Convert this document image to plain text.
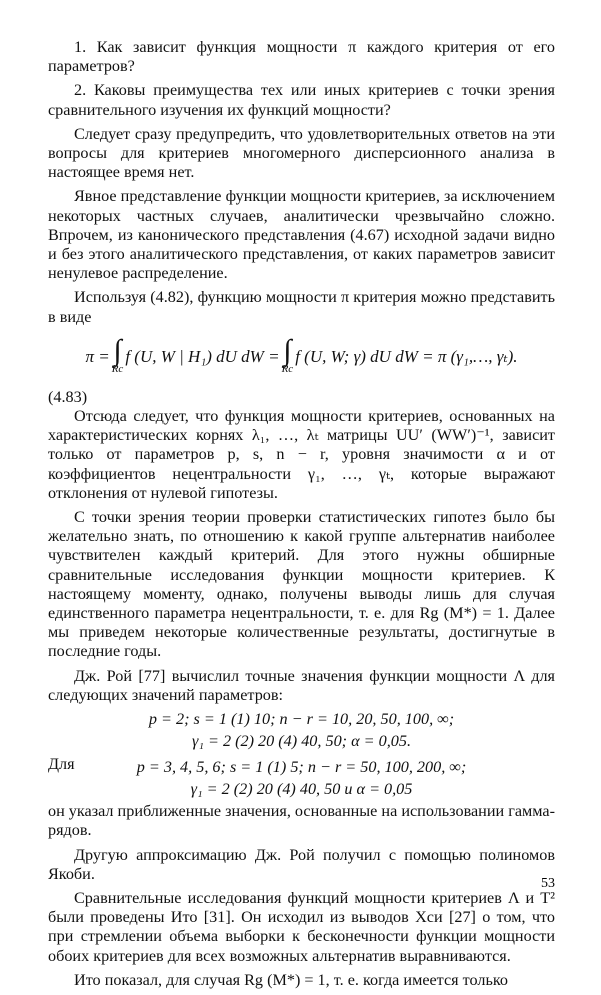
1. Как зависит функция мощности π каждого критерия от его параметров?

2. Каковы преимущества тех или иных критериев с точки зрения сравнительного изучения их функций мощности?

Следует сразу предупредить, что удовлетворительных ответов на эти вопросы для критериев многомерного дисперсионного анализа в настоящее время нет.

Явное представление функции мощности критериев, за исключением некоторых частных случаев, аналитически чрезвычайно сложно. Впрочем, из канонического представления (4.67) исходной задачи видно и без этого аналитического представления, от каких параметров зависит ненулевое распределение.

Используя (4.82), функцию мощности π критерия можно представить в виде

π = ∫
Rc
f (U, W | H₁) dU dW = ∫
Rc
f (U, W; γ) dU dW = π (γ₁,…, γₜ).
(4.83)

Отсюда следует, что функция мощности критериев, основанных на характеристических корнях λ₁, …, λₜ матрицы UU′ (WW′)⁻¹, зависит только от параметров p, s, n − r, уровня значимости α и от коэффициентов нецентральности γ₁, …, γₜ, которые выражают отклонения от нулевой гипотезы.

С точки зрения теории проверки статистических гипотез было бы желательно знать, по отношению к какой группе альтернатив наиболее чувствителен каждый критерий. Для этого нужны обширные сравнительные исследования функции мощности критериев. К настоящему моменту, однако, получены выводы лишь для случая единственного параметра нецентральности, т. е. для Rg (M*) = 1. Далее мы приведем некоторые количественные результаты, достигнутые в последние годы.

Дж. Рой [77] вычислил точные значения функции мощности Λ для следующих значений параметров:

p = 2; s = 1 (1) 10; n − r = 10, 20, 50, 100, ∞;
γ₁ = 2 (2) 20 (4) 40, 50; α = 0,05.
Для	p = 3, 4, 5, 6; s = 1 (1) 5; n − r = 50, 100, 200, ∞;
γ₁ = 2 (2) 20 (4) 40, 50 и α = 0,05

он указал приближенные значения, основанные на использовании гамма-рядов.

Другую аппроксимацию Дж. Рой получил с помощью полиномов Якоби.

Сравнительные исследования функций мощности критериев Λ и T² были проведены Ито [31]. Он исходил из выводов Хси [27] о том, что при стремлении объема выборки к бесконечности функции мощности обоих критериев для всех возможных альтернатив выравниваются.

Ито показал, для случая Rg (M*) = 1, т. е. когда имеется только

53
